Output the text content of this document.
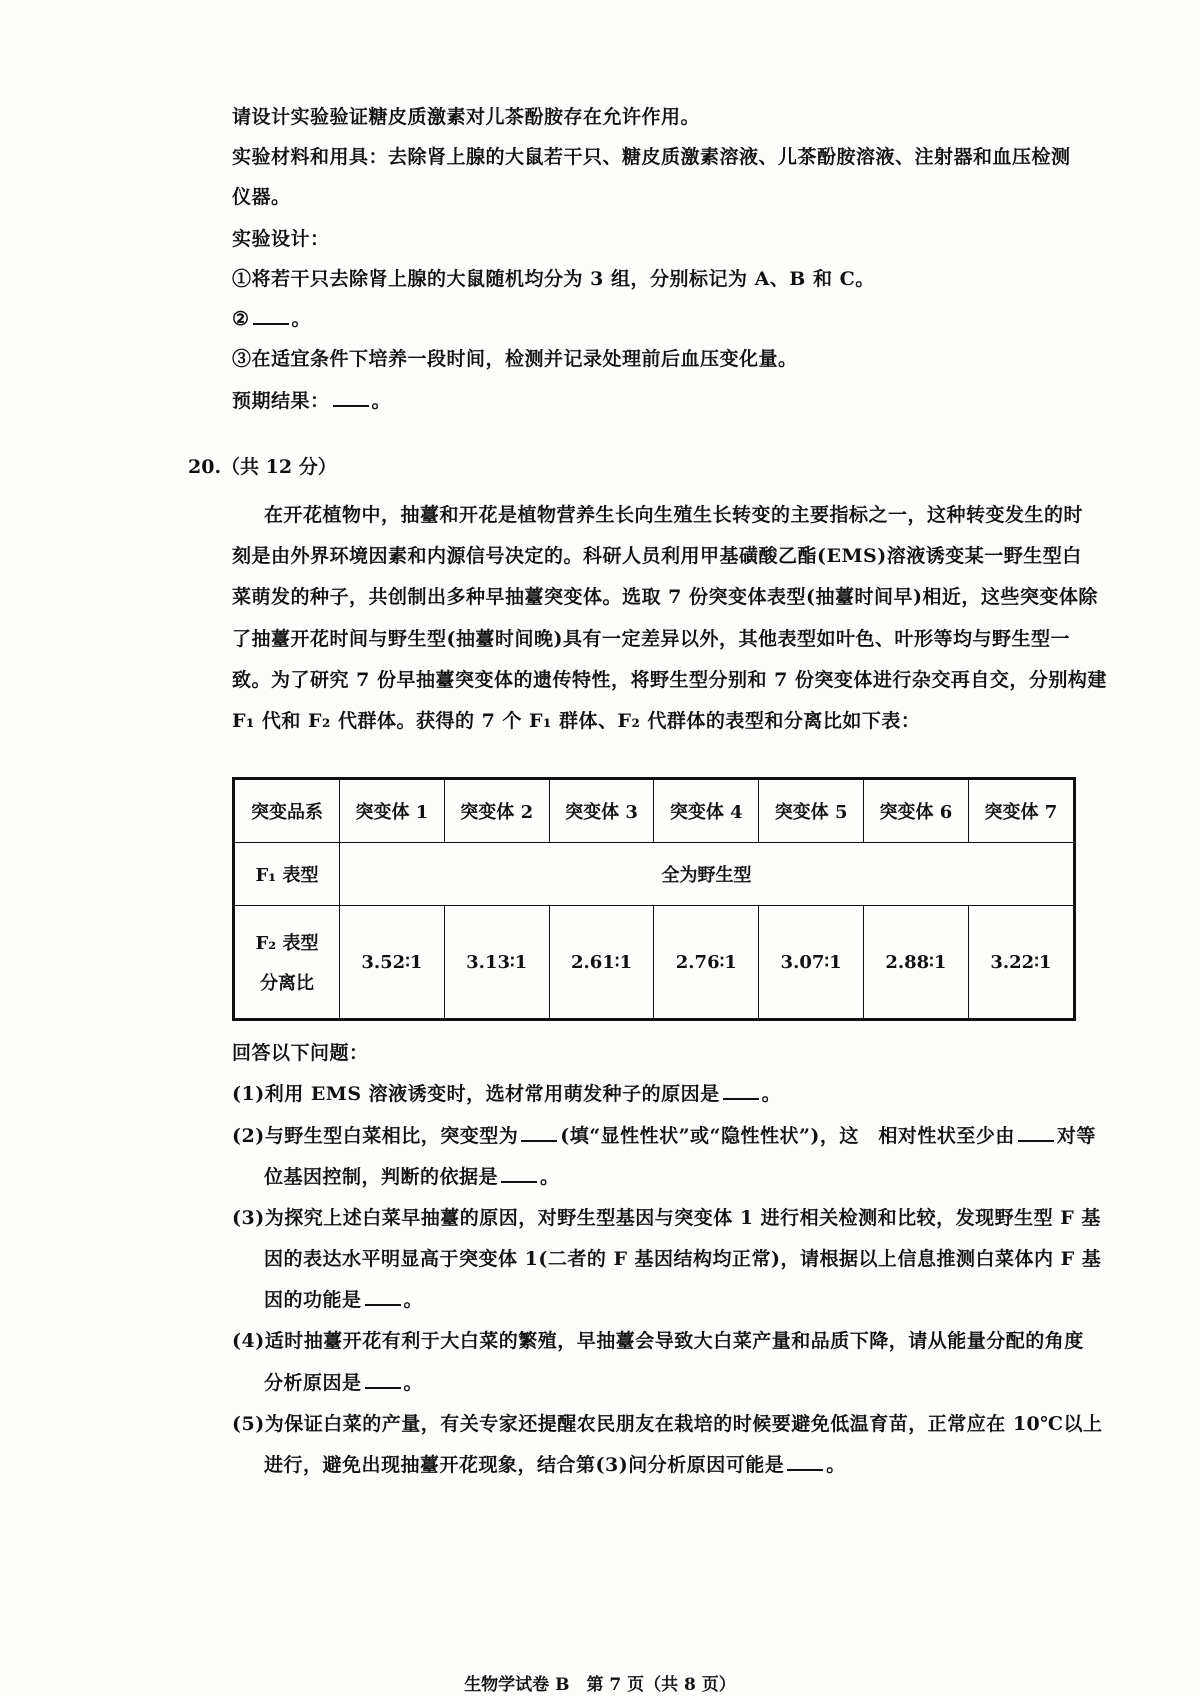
请设计实验验证糖皮质激素对儿茶酚胺存在允许作用。
实验材料和用具：去除肾上腺的大鼠若干只、糖皮质激素溶液、儿茶酚胺溶液、注射器和血压检测
仪器。
实验设计：
①将若干只去除肾上腺的大鼠随机均分为 3 组，分别标记为 A、B 和 C。
② 。
③在适宜条件下培养一段时间，检测并记录处理前后血压变化量。
预期结果： 。
20.（共 12 分）
在开花植物中，抽薹和开花是植物营养生长向生殖生长转变的主要指标之一，这种转变发生的时
刻是由外界环境因素和内源信号决定的。科研人员利用甲基磺酸乙酯(EMS)溶液诱变某一野生型白
菜萌发的种子，共创制出多种早抽薹突变体。选取 7 份突变体表型(抽薹时间早)相近，这些突变体除
了抽薹开花时间与野生型(抽薹时间晚)具有一定差异以外，其他表型如叶色、叶形等均与野生型一
致。为了研究 7 份早抽薹突变体的遗传特性，将野生型分别和 7 份突变体进行杂交再自交，分别构建
F₁ 代和 F₂ 代群体。获得的 7 个 F₁ 群体、F₂ 代群体的表型和分离比如下表：
突变品系	突变体 1	突变体 2	突变体 3	突变体 4	突变体 5	突变体 6	突变体 7
F₁ 表型	全为野生型						

F₂ 表型
分离比	3.52∶1	3.13∶1	2.61∶1	2.76∶1	3.07∶1	2.88∶1	3.22∶1
回答以下问题：
(1)利用 EMS 溶液诱变时，选材常用萌发种子的原因是 。
(2)与野生型白菜相比，突变型为 (填“显性性状”或“隐性性状”)，这　相对性状至少由 对等
位基因控制，判断的依据是 。
(3)为探究上述白菜早抽薹的原因，对野生型基因与突变体 1 进行相关检测和比较，发现野生型 F 基
因的表达水平明显高于突变体 1(二者的 F 基因结构均正常)，请根据以上信息推测白菜体内 F 基
因的功能是 。
(4)适时抽薹开花有利于大白菜的繁殖，早抽薹会导致大白菜产量和品质下降，请从能量分配的角度
分析原因是 。
(5)为保证白菜的产量，有关专家还提醒农民朋友在栽培的时候要避免低温育苗，正常应在 10℃以上
进行，避免出现抽薹开花现象，结合第(3)问分析原因可能是 。
生物学试卷 B　第 7 页（共 8 页）
